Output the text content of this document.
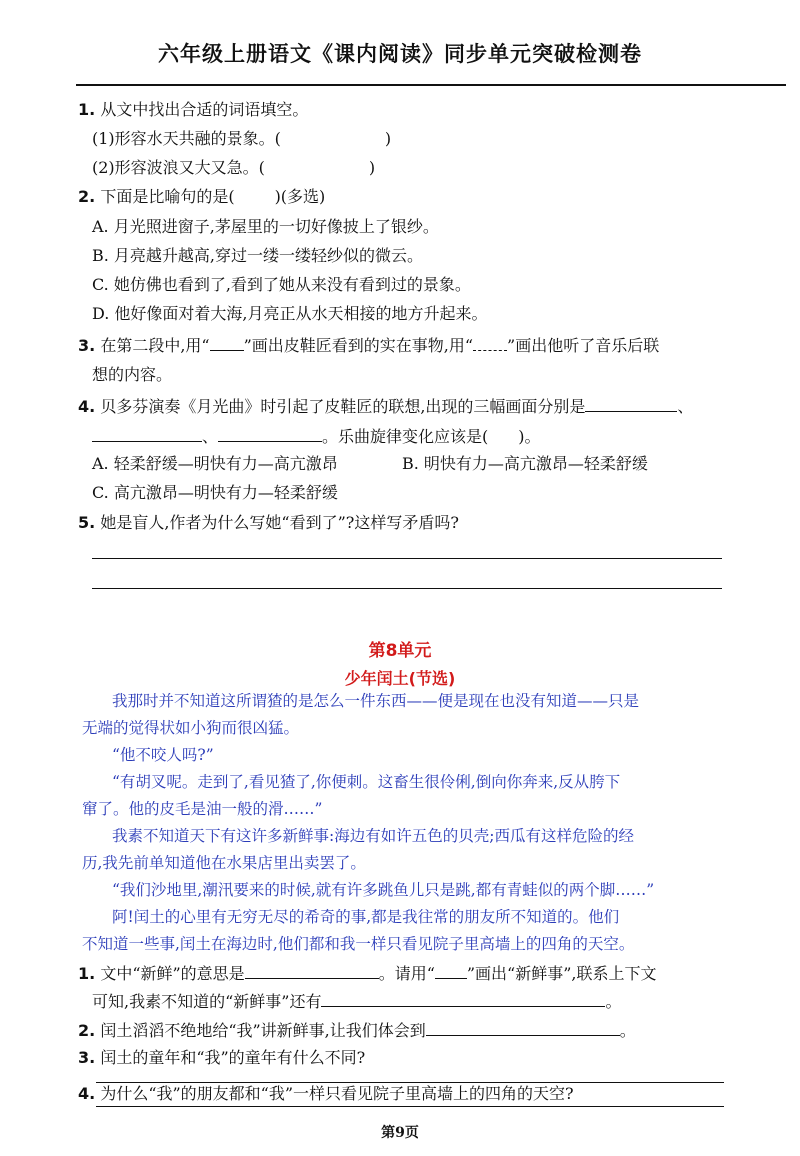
六年级上册语文《课内阅读》同步单元突破检测卷
1. 从文中找出合适的词语填空。
(1)形容水天共融的景象。(	)
(2)形容波浪又大又急。(	)
2. 下面是比喻句的是(	)(多选)
A. 月光照进窗子,茅屋里的一切好像披上了银纱。
B. 月亮越升越高,穿过一缕一缕轻纱似的微云。
C. 她仿佛也看到了,看到了她从来没有看到过的景象。
D. 他好像面对着大海,月亮正从水天相接的地方升起来。
3. 在第二段中,用“ ”画出皮鞋匠看到的实在事物,用“ ”画出他听了音乐后联
想的内容。
4. 贝多芬演奏《月光曲》时引起了皮鞋匠的联想,出现的三幅画面分别是	、
、	。乐曲旋律变化应该是( )。
A. 轻柔舒缓—明快有力—高亢激昂	B. 明快有力—高亢激昂—轻柔舒缓
C. 高亢激昂—明快有力—轻柔舒缓
5. 她是盲人,作者为什么写她“看到了”?这样写矛盾吗?
第8单元
少年闰土(节选)
我那时并不知道这所谓猹的是怎么一件东西——便是现在也没有知道——只是
无端的觉得状如小狗而很凶猛。
“他不咬人吗?”
“有胡叉呢。走到了,看见猹了,你便刺。这畜生很伶俐,倒向你奔来,反从胯下
窜了。他的皮毛是油一般的滑……”
我素不知道天下有这许多新鲜事:海边有如许五色的贝壳;西瓜有这样危险的经
历,我先前单知道他在水果店里出卖罢了。
“我们沙地里,潮汛要来的时候,就有许多跳鱼儿只是跳,都有青蛙似的两个脚……”
阿!闰土的心里有无穷无尽的希奇的事,都是我往常的朋友所不知道的。他们
不知道一些事,闰土在海边时,他们都和我一样只看见院子里高墙上的四角的天空。
1. 文中“新鲜”的意思是	。请用“ ”画出“新鲜事”,联系上下文
可知,我素不知道的“新鲜事”还有	。
2. 闰土滔滔不绝地给“我”讲新鲜事,让我们体会到	。
3. 闰土的童年和“我”的童年有什么不同?
4. 为什么“我”的朋友都和“我”一样只看见院子里高墙上的四角的天空?
第9页
